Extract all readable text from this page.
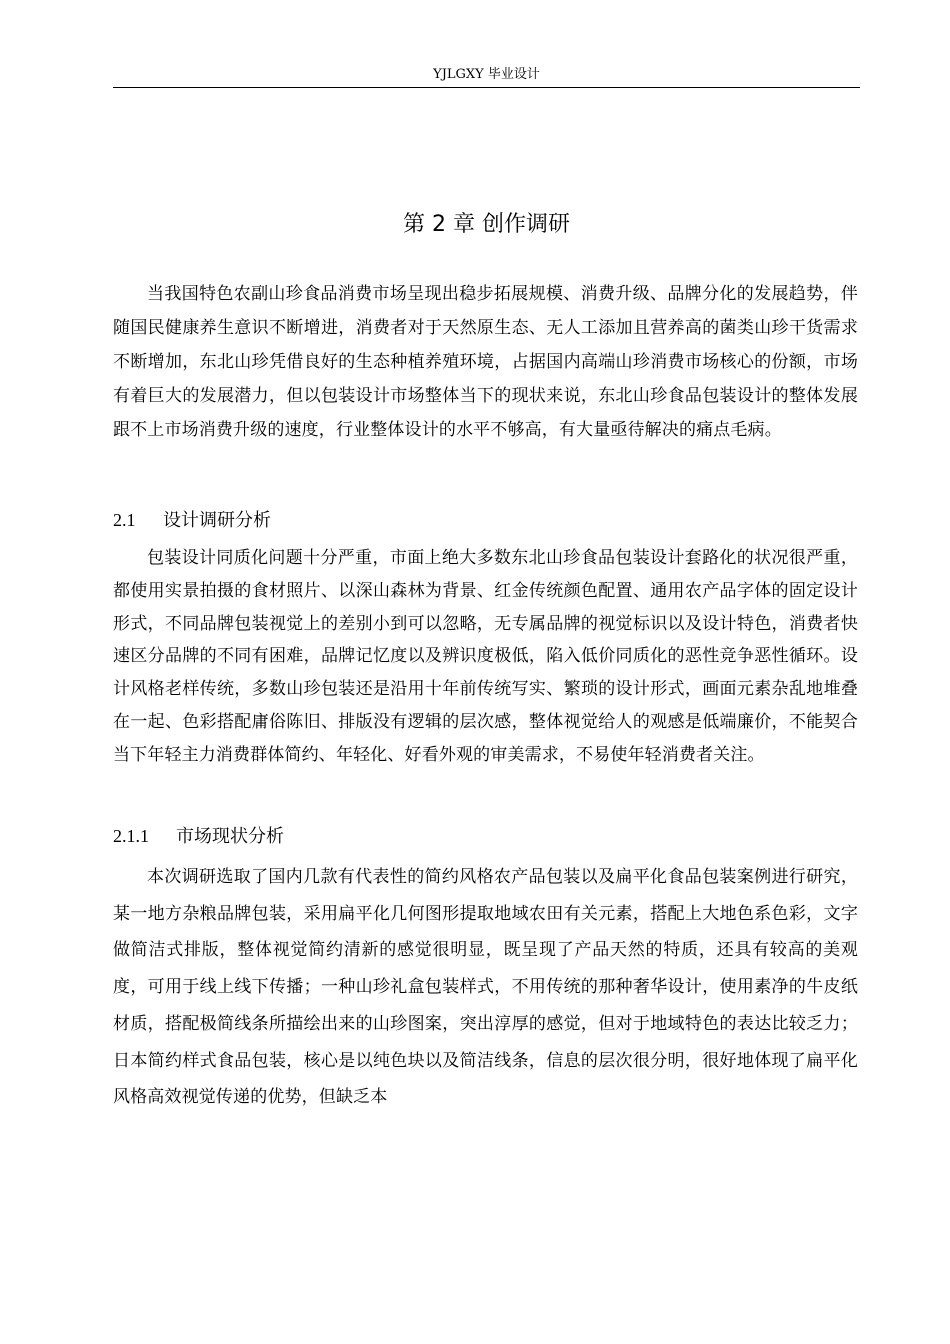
YJLGXY 毕业设计
第 2 章 创作调研

当我国特色农副山珍食品消费市场呈现出稳步拓展规模、消费升级、品牌分化的发展趋势，伴随国民健康养生意识不断增进，消费者对于天然原生态、无人工添加且营养高的菌类山珍干货需求不断增加，东北山珍凭借良好的生态种植养殖环境，占据国内高端山珍消费市场核心的份额，市场有着巨大的发展潜力，但以包装设计市场整体当下的现状来说，东北山珍食品包装设计的整体发展跟不上市场消费升级的速度，行业整体设计的水平不够高，有大量亟待解决的痛点毛病。

2.1 设计调研分析

包装设计同质化问题十分严重，市面上绝大多数东北山珍食品包装设计套路化的状况很严重，都使用实景拍摄的食材照片、以深山森林为背景、红金传统颜色配置、通用农产品字体的固定设计形式，不同品牌包装视觉上的差别小到可以忽略，无专属品牌的视觉标识以及设计特色，消费者快速区分品牌的不同有困难，品牌记忆度以及辨识度极低，陷入低价同质化的恶性竞争恶性循环。设计风格老样传统，多数山珍包装还是沿用十年前传统写实、繁琐的设计形式，画面元素杂乱地堆叠在一起、色彩搭配庸俗陈旧、排版没有逻辑的层次感，整体视觉给人的观感是低端廉价，不能契合当下年轻主力消费群体简约、年轻化、好看外观的审美需求，不易使年轻消费者关注。

2.1.1 市场现状分析

本次调研选取了国内几款有代表性的简约风格农产品包装以及扁平化食品包装案例进行研究，某一地方杂粮品牌包装，采用扁平化几何图形提取地域农田有关元素，搭配上大地色系色彩，文字做简洁式排版，整体视觉简约清新的感觉很明显，既呈现了产品天然的特质，还具有较高的美观度，可用于线上线下传播；一种山珍礼盒包装样式，不用传统的那种奢华设计，使用素净的牛皮纸材质，搭配极简线条所描绘出来的山珍图案，突出淳厚的感觉，但对于地域特色的表达比较乏力；日本简约样式食品包装，核心是以纯色块以及简洁线条，信息的层次很分明，很好地体现了扁平化风格高效视觉传递的优势，但缺乏本
